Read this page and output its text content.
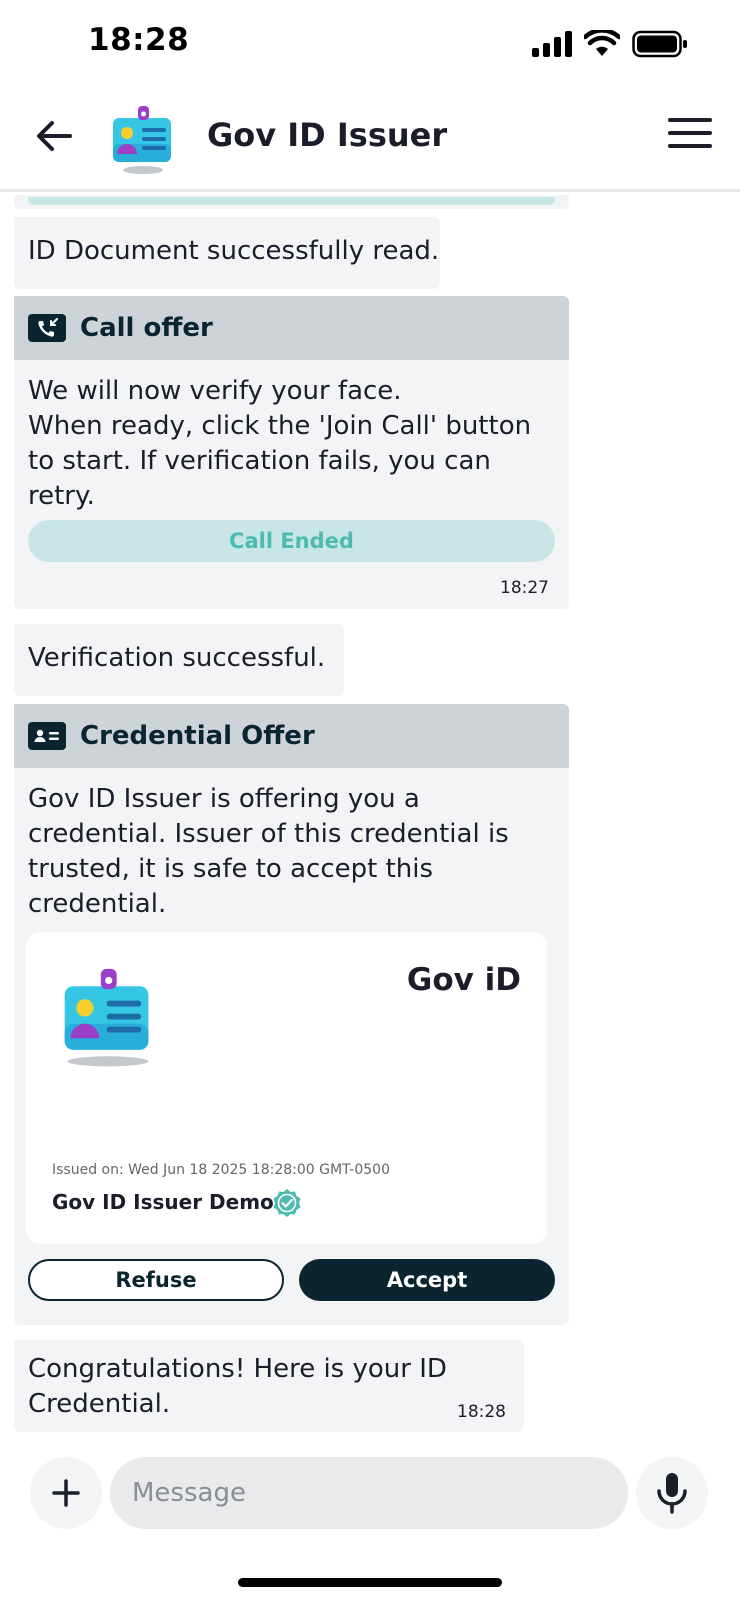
18:28
Gov ID Issuer
ID Document successfully read.
Call offer
We will now verify your face.
When ready, click the 'Join Call' button
to start. If verification fails, you can
retry.
Call Ended
18:27
Verification successful.
Credential Offer
Gov ID Issuer is offering you a
credential. Issuer of this credential is
trusted, it is safe to accept this
credential.
Gov iD
Issued on: Wed Jun 18 2025 18:28:00 GMT-0500
Gov ID Issuer Demo
Refuse	Accept
Congratulations! Here is your ID
Credential.	18:28
Message
